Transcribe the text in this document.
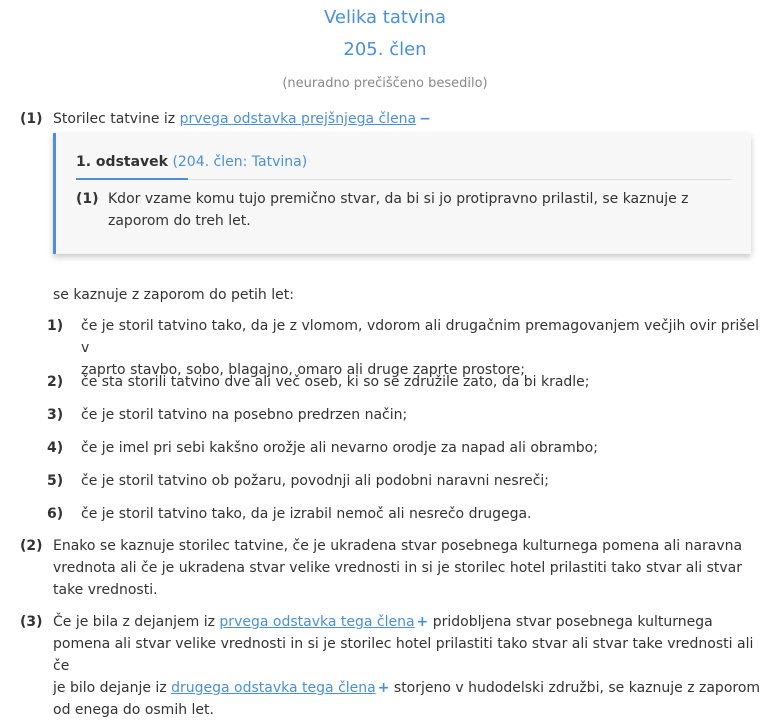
Velika tatvina
205. člen
(neuradno prečiščeno besedilo)
(1) Storilec tatvine iz prvega odstavka prejšnjega člena −
1. odstavek (204. člen: Tatvina)
(1) Kdor vzame komu tujo premično stvar, da bi si jo protipravno prilastil, se kaznuje z
zaporom do treh let.
se kaznuje z zaporom do petih let:
1) če je storil tatvino tako, da je z vlomom, vdorom ali drugačnim premagovanjem večjih ovir prišel v
zaprto stavbo, sobo, blagajno, omaro ali druge zaprte prostore;
2) če sta storili tatvino dve ali več oseb, ki so se združile zato, da bi kradle;
3) če je storil tatvino na posebno predrzen način;
4) če je imel pri sebi kakšno orožje ali nevarno orodje za napad ali obrambo;
5) če je storil tatvino ob požaru, povodnji ali podobni naravni nesreči;
6) če je storil tatvino tako, da je izrabil nemoč ali nesrečo drugega.
(2) Enako se kaznuje storilec tatvine, če je ukradena stvar posebnega kulturnega pomena ali naravna
vrednota ali če je ukradena stvar velike vrednosti in si je storilec hotel prilastiti tako stvar ali stvar
take vrednosti.
(3) Če je bila z dejanjem iz prvega odstavka tega člena + pridobljena stvar posebnega kulturnega
pomena ali stvar velike vrednosti in si je storilec hotel prilastiti tako stvar ali stvar take vrednosti ali če
je bilo dejanje iz drugega odstavka tega člena + storjeno v hudodelski združbi, se kaznuje z zaporom
od enega do osmih let.
